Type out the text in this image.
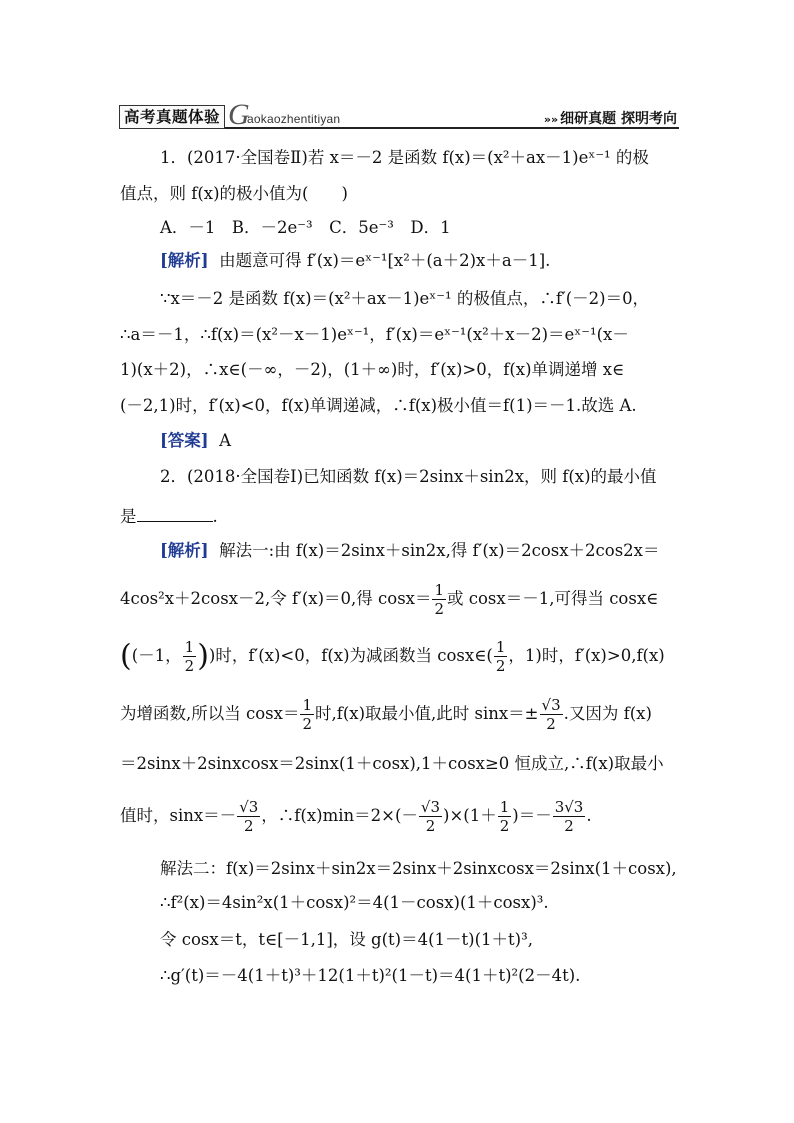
高考真题体验 G
aokaozhentitiyan	»» 细研真题 探明考向
1．(2017·全国卷Ⅱ)若 x＝－2 是函数 f(x)＝(x²＋ax－1)eˣ⁻¹ 的极
值点，则 f(x)的极小值为(　　)
A．－1　B．－2e⁻³　C．5e⁻³　D．1
[解析] 由题意可得 f′(x)＝eˣ⁻¹[x²＋(a＋2)x＋a－1].
∵x＝－2 是函数 f(x)＝(x²＋ax－1)eˣ⁻¹ 的极值点，∴f′(－2)＝0，
∴a＝－1，∴f(x)＝(x²－x－1)eˣ⁻¹，f′(x)＝eˣ⁻¹(x²＋x－2)＝eˣ⁻¹(x－
1)(x＋2)，∴x∈(－∞，－2)，(1＋∞)时，f′(x)>0，f(x)单调递增 x∈
(－2,1)时，f′(x)<0，f(x)单调递减，∴f(x)极小值＝f(1)＝－1.故选 A.
[答案] A
2．(2018·全国卷Ⅰ)已知函数 f(x)＝2sinx＋sin2x，则 f(x)的最小值
是	.
[解析] 解法一:由 f(x)＝2sinx＋sin2x,得 f′(x)＝2cosx＋2cos2x＝
4cos²x＋2cosx－2,令 f′(x)＝0,得 $\cos x= \frac{1}{2}$ 或 cosx＝－1,可得当 cosx∈
((－1， $\frac{1}{2}$ ))时，f′(x)<0，f(x)为减函数当 cosx∈( $\frac{1}{2}$ ，1)时，f′(x)>0,f(x)
为增函数,所以当 $\cos x= \frac{1}{2}$ 时,f(x)取最小值,此时 $\sin x=\pm \frac{√3}{2}$ .又因为 f(x)
＝2sinx＋2sinxcosx＝2sinx(1＋cosx),1＋cosx≥0 恒成立,∴f(x)取最小
值时，$\sin x=- \frac{√3}{2}$ ，∴f(x)min＝2×(－ $\frac{√3}{2} )\times(1+ \frac{1}{2}$ )＝－ $\frac{3√3}{2}$ .
解法二：f(x)＝2sinx＋sin2x＝2sinx＋2sinxcosx＝2sinx(1＋cosx),
∴f²(x)＝4sin²x(1＋cosx)²＝4(1－cosx)(1＋cosx)³.
令 cosx＝t，t∈[－1,1]，设 g(t)＝4(1－t)(1＋t)³,
∴g′(t)＝－4(1＋t)³＋12(1＋t)²(1－t)＝4(1＋t)²(2－4t).
